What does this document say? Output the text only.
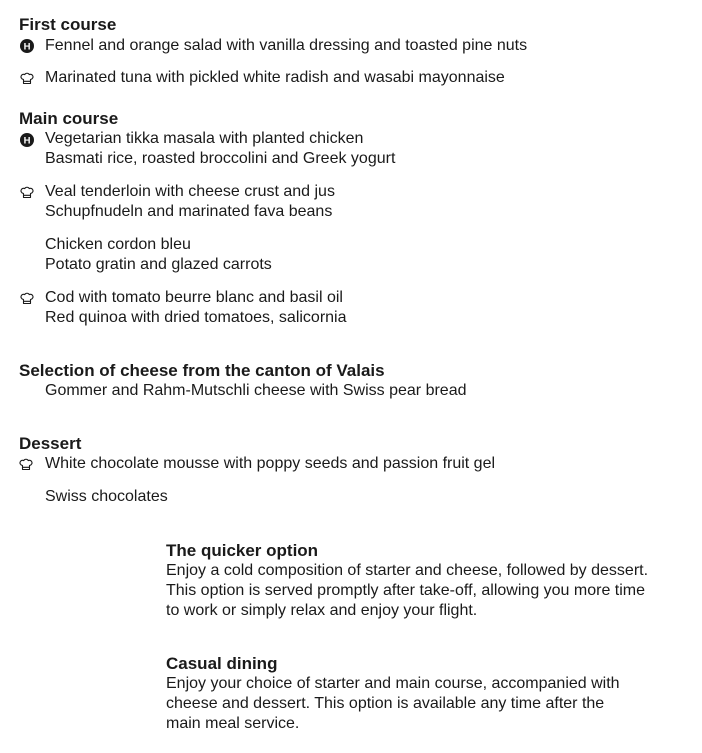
First course
H Fennel and orange salad with vanilla dressing and toasted pine nuts
Marinated tuna with pickled white radish and wasabi mayonnaise
Main course
H Vegetarian tikka masala with planted chicken
Basmati rice, roasted broccolini and Greek yogurt
Veal tenderloin with cheese crust and jus
Schupfnudeln and marinated fava beans
Chicken cordon bleu
Potato gratin and glazed carrots
Cod with tomato beurre blanc and basil oil
Red quinoa with dried tomatoes, salicornia
Selection of cheese from the canton of Valais
Gommer and Rahm-Mutschli cheese with Swiss pear bread
Dessert
White chocolate mousse with poppy seeds and passion fruit gel
Swiss chocolates
The quicker option
Enjoy a cold composition of starter and cheese, followed by dessert.
This option is served promptly after take-off, allowing you more time
to work or simply relax and enjoy your flight.
Casual dining
Enjoy your choice of starter and main course, accompanied with
cheese and dessert. This option is available any time after the
main meal service.
